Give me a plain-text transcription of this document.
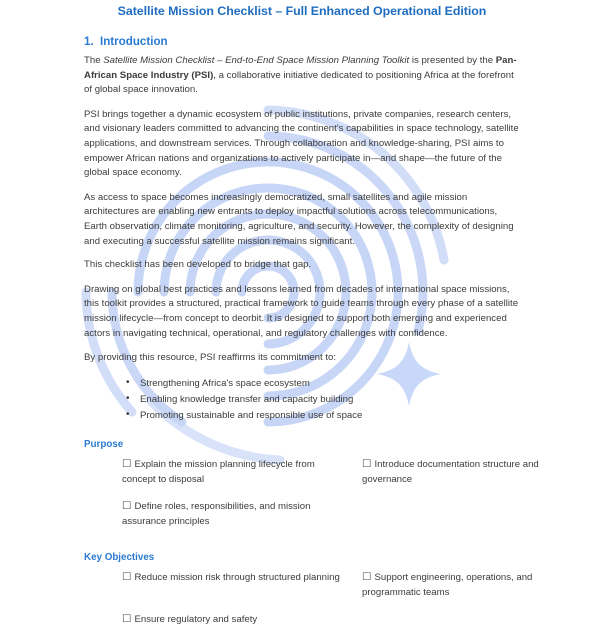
Satellite Mission Checklist – Full Enhanced Operational Edition
1. Introduction

The Satellite Mission Checklist – End-to-End Space Mission Planning Toolkit is presented by the Pan-African Space Industry (PSI), a collaborative initiative dedicated to positioning Africa at the forefront of global space innovation.

PSI brings together a dynamic ecosystem of public institutions, private companies, research centers, and visionary leaders committed to advancing the continent's capabilities in space technology, satellite applications, and downstream services. Through collaboration and knowledge-sharing, PSI aims to empower African nations and organizations to actively participate in—and shape—the future of the global space economy.

As access to space becomes increasingly democratized, small satellites and agile mission architectures are enabling new entrants to deploy impactful solutions across telecommunications, Earth observation, climate monitoring, agriculture, and security. However, the complexity of designing and executing a successful satellite mission remains significant.

This checklist has been developed to bridge that gap.

Drawing on global best practices and lessons learned from decades of international space missions, this toolkit provides a structured, practical framework to guide teams through every phase of a satellite mission lifecycle—from concept to deorbit. It is designed to support both emerging and experienced actors in navigating technical, operational, and regulatory challenges with confidence.

By providing this resource, PSI reaffirms its commitment to:

• Strengthening Africa's space ecosystem
• Enabling knowledge transfer and capacity building
• Promoting sustainable and responsible use of space
Purpose
☐ Explain the mission planning lifecycle from concept to disposal
☐ Introduce documentation structure and governance
☐ Define roles, responsibilities, and mission assurance principles
Key Objectives
☐ Reduce mission risk through structured planning	☐ Support engineering, operations, and programmatic teams
☐ Ensure regulatory and safety
